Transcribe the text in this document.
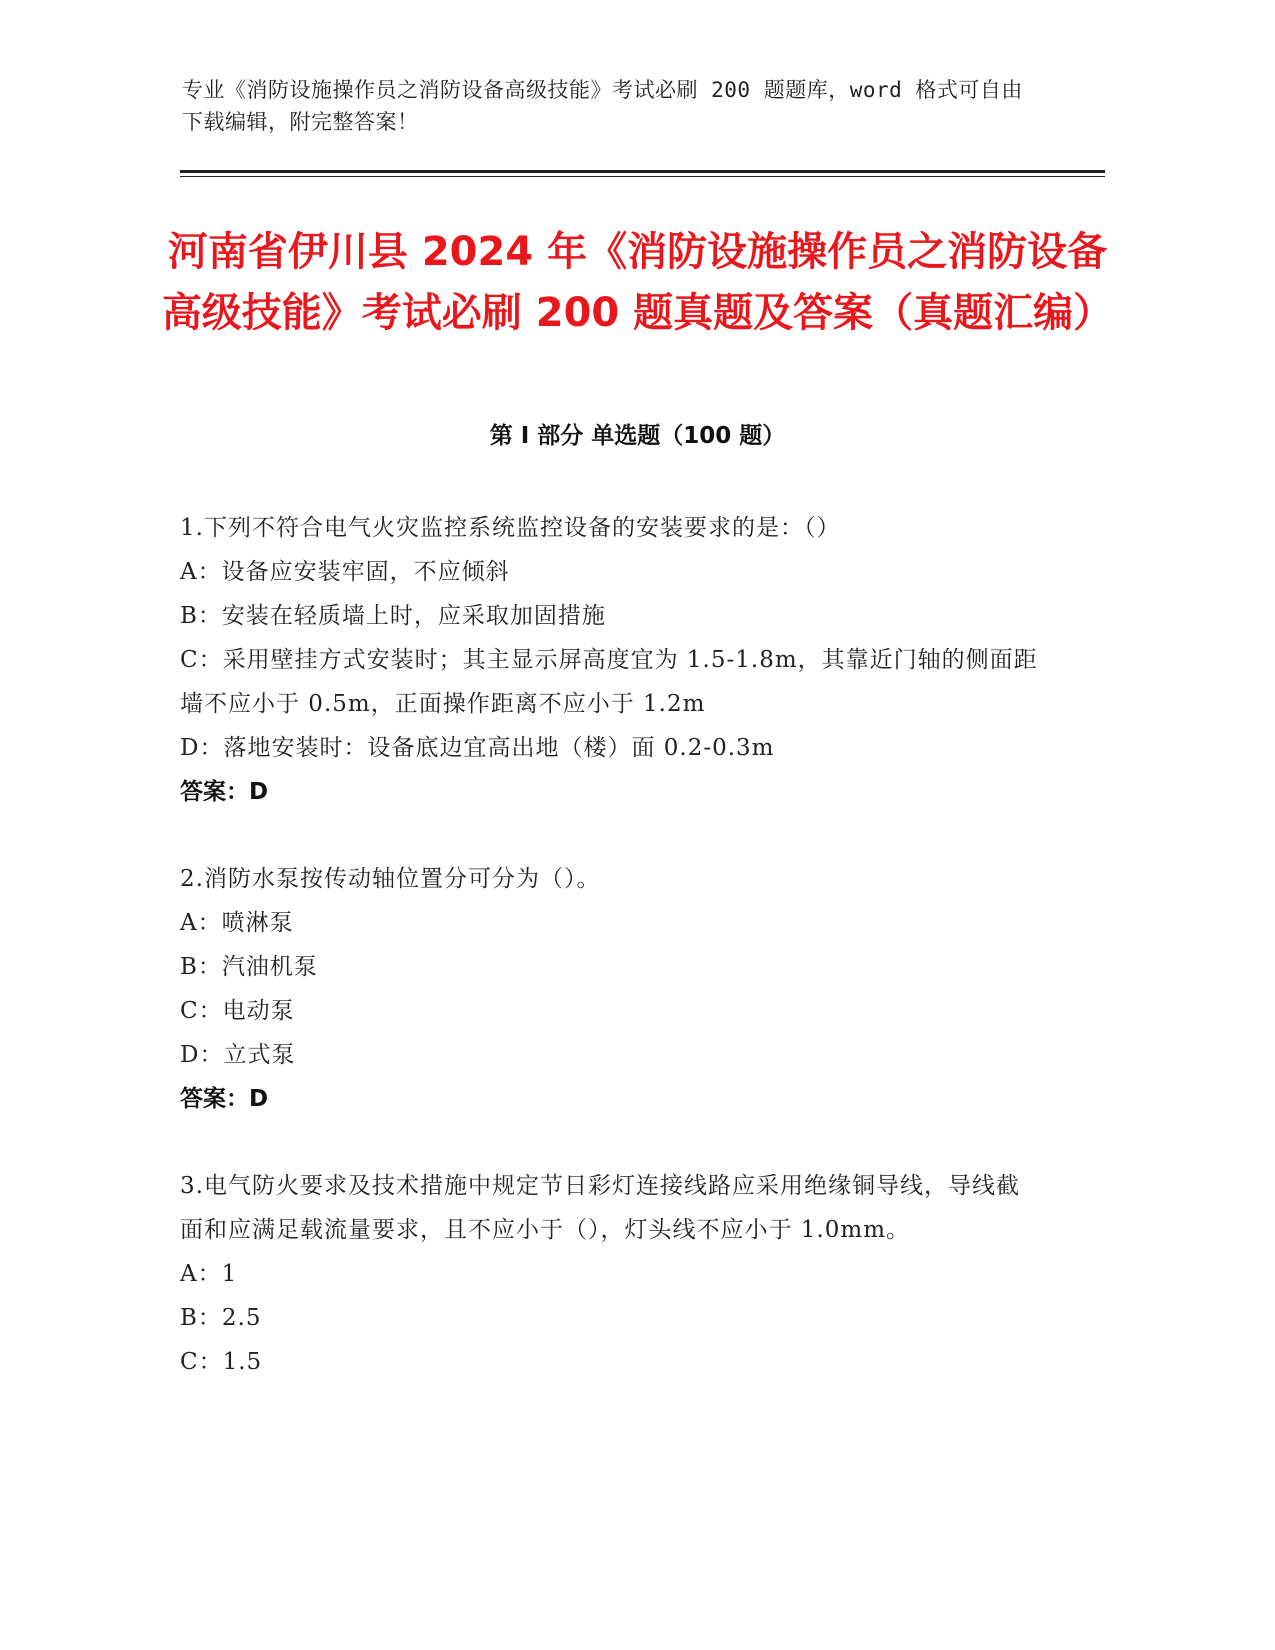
专业《消防设施操作员之消防设备高级技能》考试必刷 200 题题库，word 格式可自由下载编辑，附完整答案！
河南省伊川县 2024 年《消防设施操作员之消防设备高级技能》考试必刷 200 题真题及答案（真题汇编）
第 I 部分 单选题（100 题）
1.下列不符合电气火灾监控系统监控设备的安装要求的是：（）
A：设备应安装牢固，不应倾斜
B：安装在轻质墙上时，应采取加固措施
C：采用壁挂方式安装时；其主显示屏高度宜为 1.5-1.8m，其靠近门轴的侧面距墙不应小于 0.5m，正面操作距离不应小于 1.2m
D：落地安装时：设备底边宜高出地（楼）面 0.2-0.3m
答案：D
2.消防水泵按传动轴位置分可分为（）。
A：喷淋泵
B：汽油机泵
C：电动泵
D：立式泵
答案：D
3.电气防火要求及技术措施中规定节日彩灯连接线路应采用绝缘铜导线，导线截面和应满足载流量要求，且不应小于（），灯头线不应小于 1.0mm。
A：1
B：2.5
C：1.5
